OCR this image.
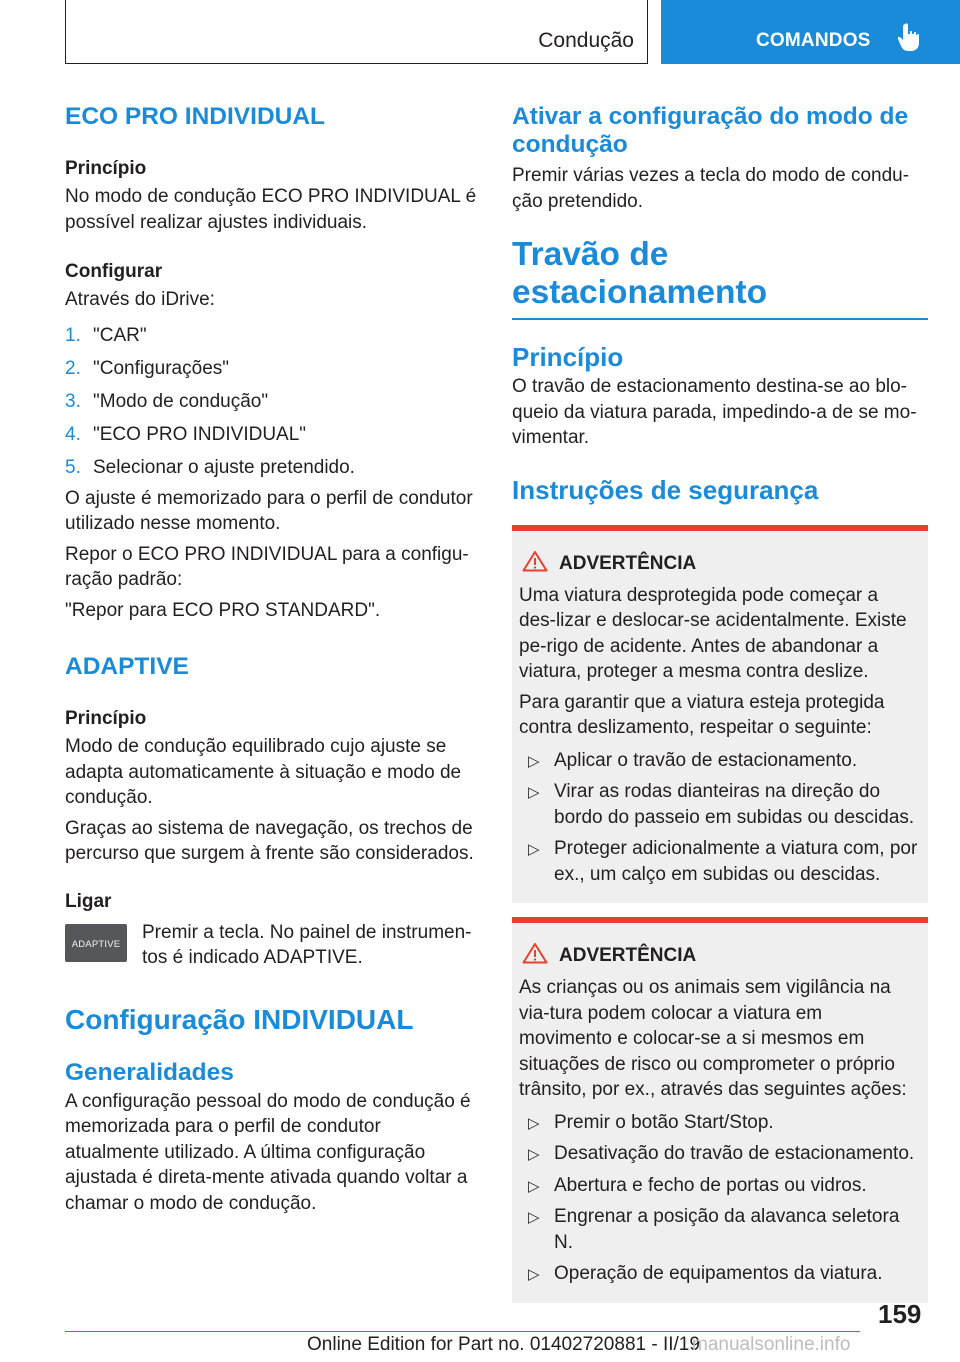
Condução	COMANDOS
ECO PRO INDIVIDUAL
Princípio
No modo de condução ECO PRO INDIVIDUAL é possível realizar ajustes individuais.
Configurar
Através do iDrive:
1. "CAR"
2. "Configurações"
3. "Modo de condução"
4. "ECO PRO INDIVIDUAL"
5. Selecionar o ajuste pretendido.
O ajuste é memorizado para o perfil de condutor utilizado nesse momento.
Repor o ECO PRO INDIVIDUAL para a configu-ração padrão:
"Repor para ECO PRO STANDARD".
ADAPTIVE
Princípio
Modo de condução equilibrado cujo ajuste se adapta automaticamente à situação e modo de condução.
Graças ao sistema de navegação, os trechos de percurso que surgem à frente são considerados.
Ligar
ADAPTIVE
Premir a tecla. No painel de instrumen-tos é indicado ADAPTIVE.
Configuração INDIVIDUAL
Generalidades
A configuração pessoal do modo de condução é memorizada para o perfil de condutor atualmente utilizado. A última configuração ajustada é direta-mente ativada quando voltar a chamar o modo de condução.
Ativar a configuração do modo de condução
Premir várias vezes a tecla do modo de condu-ção pretendido.
Travão de estacionamento
Princípio
O travão de estacionamento destina-se ao blo-queio da viatura parada, impedindo-a de se mo-vimentar.
Instruções de segurança
ADVERTÊNCIA
Uma viatura desprotegida pode começar a des-lizar e deslocar-se acidentalmente. Existe pe-rigo de acidente. Antes de abandonar a viatura, proteger a mesma contra deslize.
Para garantir que a viatura esteja protegida contra deslizamento, respeitar o seguinte:
▷ Aplicar o travão de estacionamento.
▷ Virar as rodas dianteiras na direção do bordo do passeio em subidas ou descidas.
▷ Proteger adicionalmente a viatura com, por ex., um calço em subidas ou descidas.
ADVERTÊNCIA
As crianças ou os animais sem vigilância na via-tura podem colocar a viatura em movimento e colocar-se a si mesmos em situações de risco ou comprometer o próprio trânsito, por ex., através das seguintes ações:
▷ Premir o botão Start/Stop.
▷ Desativação do travão de estacionamento.
▷ Abertura e fecho de portas ou vidros.
▷ Engrenar a posição da alavanca seletora N.
▷ Operação de equipamentos da viatura.
159
Online Edition for Part no. 01402720881 - II/19
manualsonline.info
